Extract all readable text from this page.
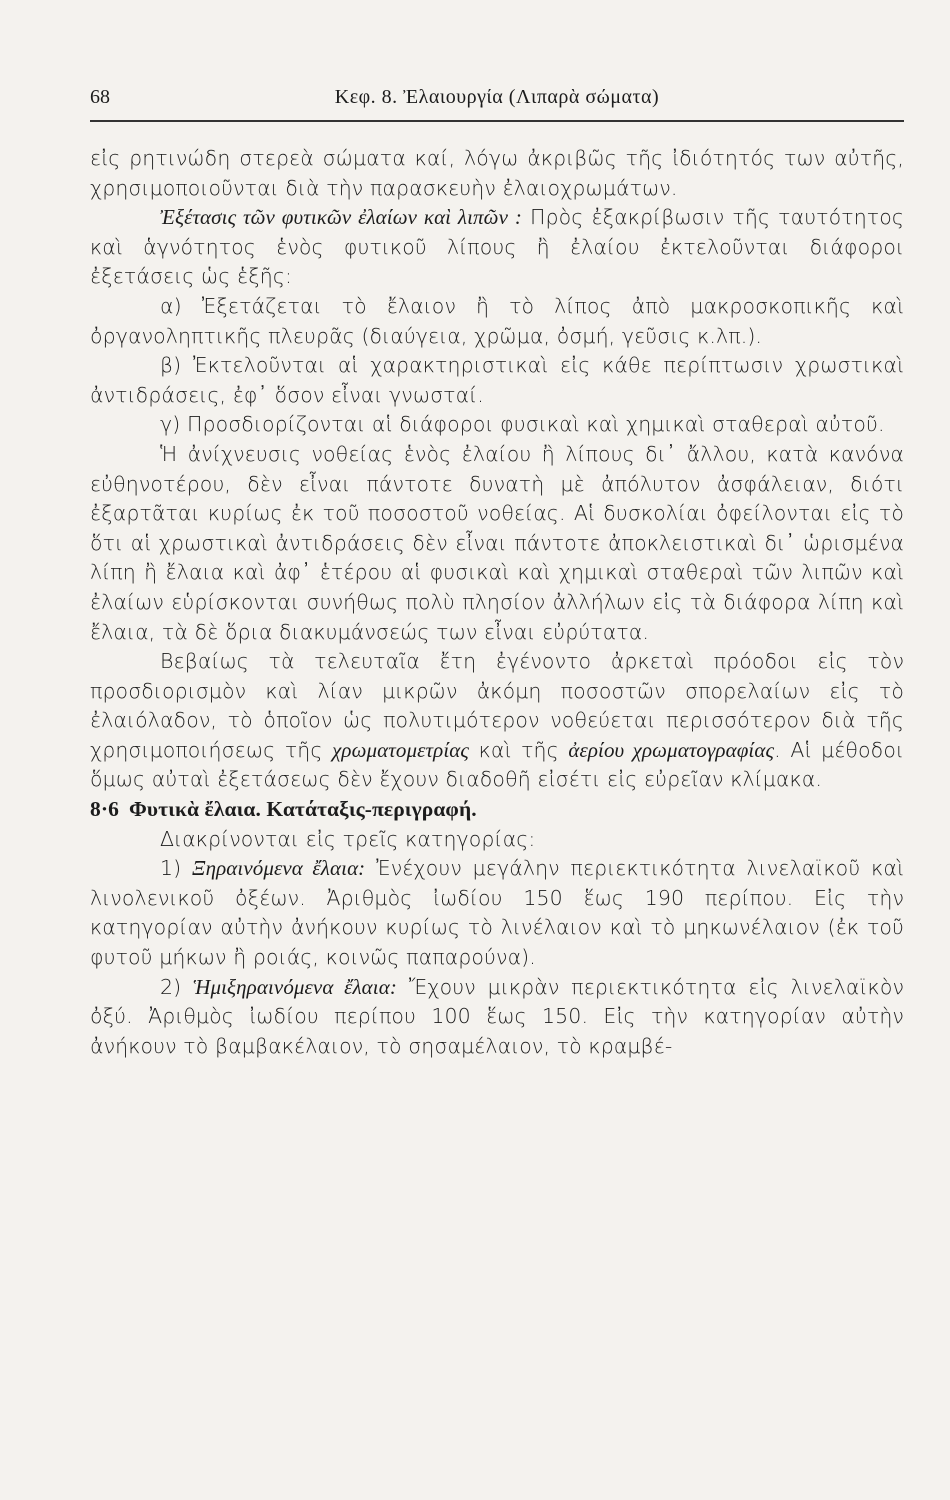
68	Κεφ. 8. Ἐλαιουργία (Λιπαρὰ σώματα)

εἰς ρητινώδη στερεὰ σώματα καί, λόγω ἀκριβῶς τῆς ἰδιότητός των αὐτῆς, χρησιμοποιοῦνται διὰ τὴν παρασκευὴν ἐλαιοχρωμάτων.

Ἐξέτασις τῶν φυτικῶν ἐλαίων καὶ λιπῶν : Πρὸς ἐξακρίβωσιν τῆς ταυτότητος καὶ ἁγνότητος ἑνὸς φυτικοῦ λίπους ἢ ἐλαίου ἐκτελοῦνται διάφοροι ἐξετάσεις ὡς ἑξῆς:

α) Ἐξετάζεται τὸ ἔλαιον ἢ τὸ λίπος ἀπὸ μακροσκοπικῆς καὶ ὀργανοληπτικῆς πλευρᾶς (διαύγεια, χρῶμα, ὀσμή, γεῦσις κ.λπ.).

β) Ἐκτελοῦνται αἱ χαρακτηριστικαὶ εἰς κάθε περίπτωσιν χρωστικαὶ ἀντιδράσεις, ἐφ᾽ ὅσον εἶναι γνωσταί.

γ) Προσδιορίζονται αἱ διάφοροι φυσικαὶ καὶ χημικαὶ σταθεραὶ αὐτοῦ.

Ἡ ἀνίχνευσις νοθείας ἑνὸς ἐλαίου ἢ λίπους δι᾽ ἄλλου, κατὰ κανόνα εὐθηνοτέρου, δὲν εἶναι πάντοτε δυνατὴ μὲ ἀπόλυτον ἀσφάλειαν, διότι ἐξαρτᾶται κυρίως ἐκ τοῦ ποσοστοῦ νοθείας. Αἱ δυσκολίαι ὀφείλονται εἰς τὸ ὅτι αἱ χρωστικαὶ ἀντιδράσεις δὲν εἶναι πάντοτε ἀποκλειστικαὶ δι᾽ ὡρισμένα λίπη ἢ ἔλαια καὶ ἀφ᾽ ἑτέρου αἱ φυσικαὶ καὶ χημικαὶ σταθεραὶ τῶν λιπῶν καὶ ἐλαίων εὑρίσκονται συνήθως πολὺ πλησίον ἀλλήλων εἰς τὰ διάφορα λίπη καὶ ἔλαια, τὰ δὲ ὅρια διακυμάνσεώς των εἶναι εὐρύτατα.

Βεβαίως τὰ τελευταῖα ἔτη ἐγένοντο ἀρκεταὶ πρόοδοι εἰς τὸν προσδιορισμὸν καὶ λίαν μικρῶν ἀκόμη ποσοστῶν σπορελαίων εἰς τὸ ἐλαιόλαδον, τὸ ὁποῖον ὡς πολυτιμότερον νοθεύεται περισσότερον διὰ τῆς χρησιμοποιήσεως τῆς χρωματομετρίας καὶ τῆς ἀερίου χρωματογραφίας. Αἱ μέθοδοι ὅμως αὐταὶ ἐξετάσεως δὲν ἔχουν διαδοθῆ εἰσέτι εἰς εὐρεῖαν κλίμακα.

8·6 Φυτικὰ ἔλαια. Κατάταξις-περιγραφή.

Διακρίνονται εἰς τρεῖς κατηγορίας:

1) Ξηραινόμενα ἔλαια: Ἐνέχουν μεγάλην περιεκτικότητα λινελαϊκοῦ καὶ λινολενικοῦ ὀξέων. Ἀριθμὸς ἰωδίου 150 ἕως 190 περίπου. Εἰς τὴν κατηγορίαν αὐτὴν ἀνήκουν κυρίως τὸ λινέλαιον καὶ τὸ μηκωνέλαιον (ἐκ τοῦ φυτοῦ μήκων ἢ ροιάς, κοινῶς παπαρούνα).

2) Ἡμιξηραινόμενα ἔλαια: Ἔχουν μικρὰν περιεκτικότητα εἰς λινελαϊκὸν ὀξύ. Ἀριθμὸς ἰωδίου περίπου 100 ἕως 150. Εἰς τὴν κατηγορίαν αὐτὴν ἀνήκουν τὸ βαμβακέλαιον, τὸ σησαμέλαιον, τὸ κραμβέ-
